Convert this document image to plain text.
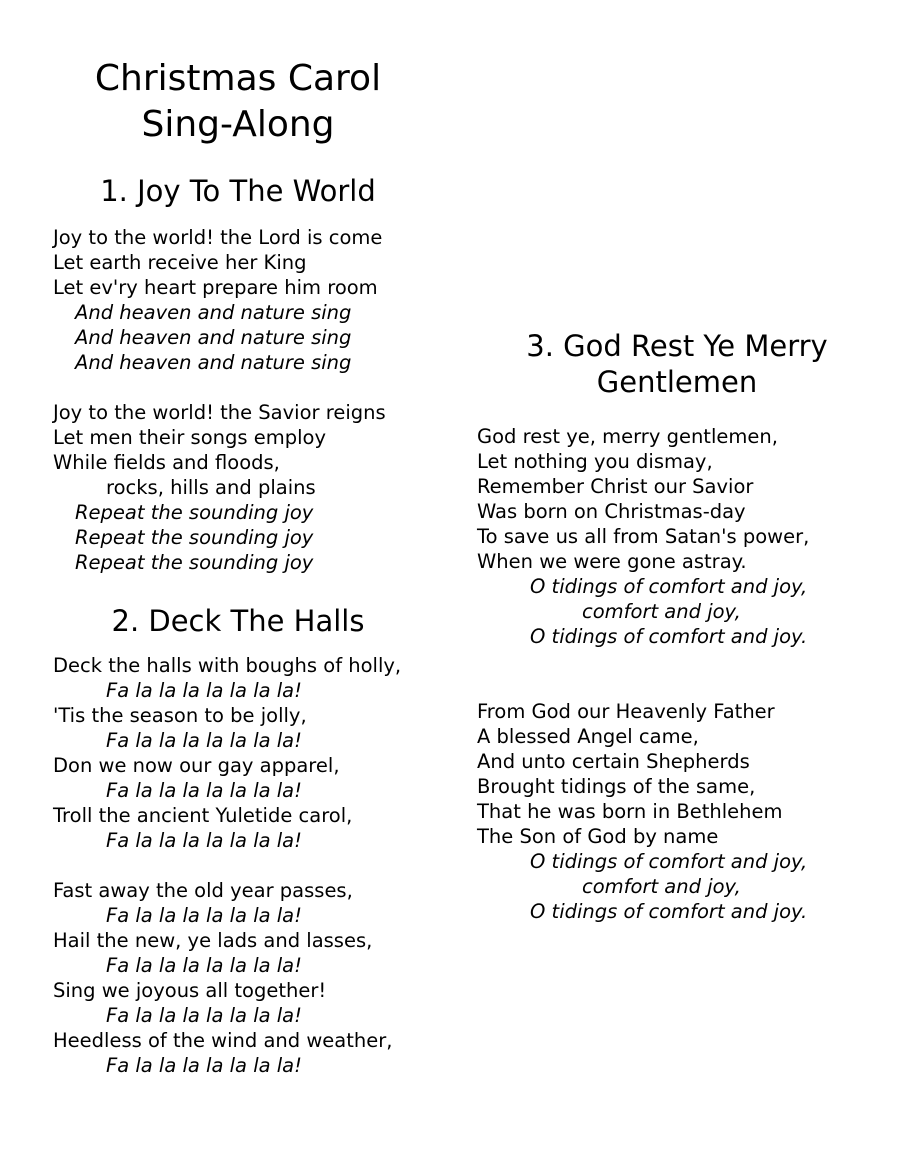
Christmas Carol
Sing-Along
1. Joy To The World
Joy to the world! the Lord is come
Let earth receive her King
Let ev'ry heart prepare him room
And heaven and nature sing
And heaven and nature sing
And heaven and nature sing
Joy to the world! the Savior reigns
Let men their songs employ
While fields and floods,
rocks, hills and plains
Repeat the sounding joy
Repeat the sounding joy
Repeat the sounding joy
2. Deck The Halls
Deck the halls with boughs of holly,
Fa la la la la la la la!
'Tis the season to be jolly,
Fa la la la la la la la!
Don we now our gay apparel,
Fa la la la la la la la!
Troll the ancient Yuletide carol,
Fa la la la la la la la!
Fast away the old year passes,
Fa la la la la la la la!
Hail the new, ye lads and lasses,
Fa la la la la la la la!
Sing we joyous all together!
Fa la la la la la la la!
Heedless of the wind and weather,
Fa la la la la la la la!
3. God Rest Ye Merry
Gentlemen
God rest ye, merry gentlemen,
Let nothing you dismay,
Remember Christ our Savior
Was born on Christmas-day
To save us all from Satan's power,
When we were gone astray.
O tidings of comfort and joy,
comfort and joy,
O tidings of comfort and joy.
From God our Heavenly Father
A blessed Angel came,
And unto certain Shepherds
Brought tidings of the same,
That he was born in Bethlehem
The Son of God by name
O tidings of comfort and joy,
comfort and joy,
O tidings of comfort and joy.
